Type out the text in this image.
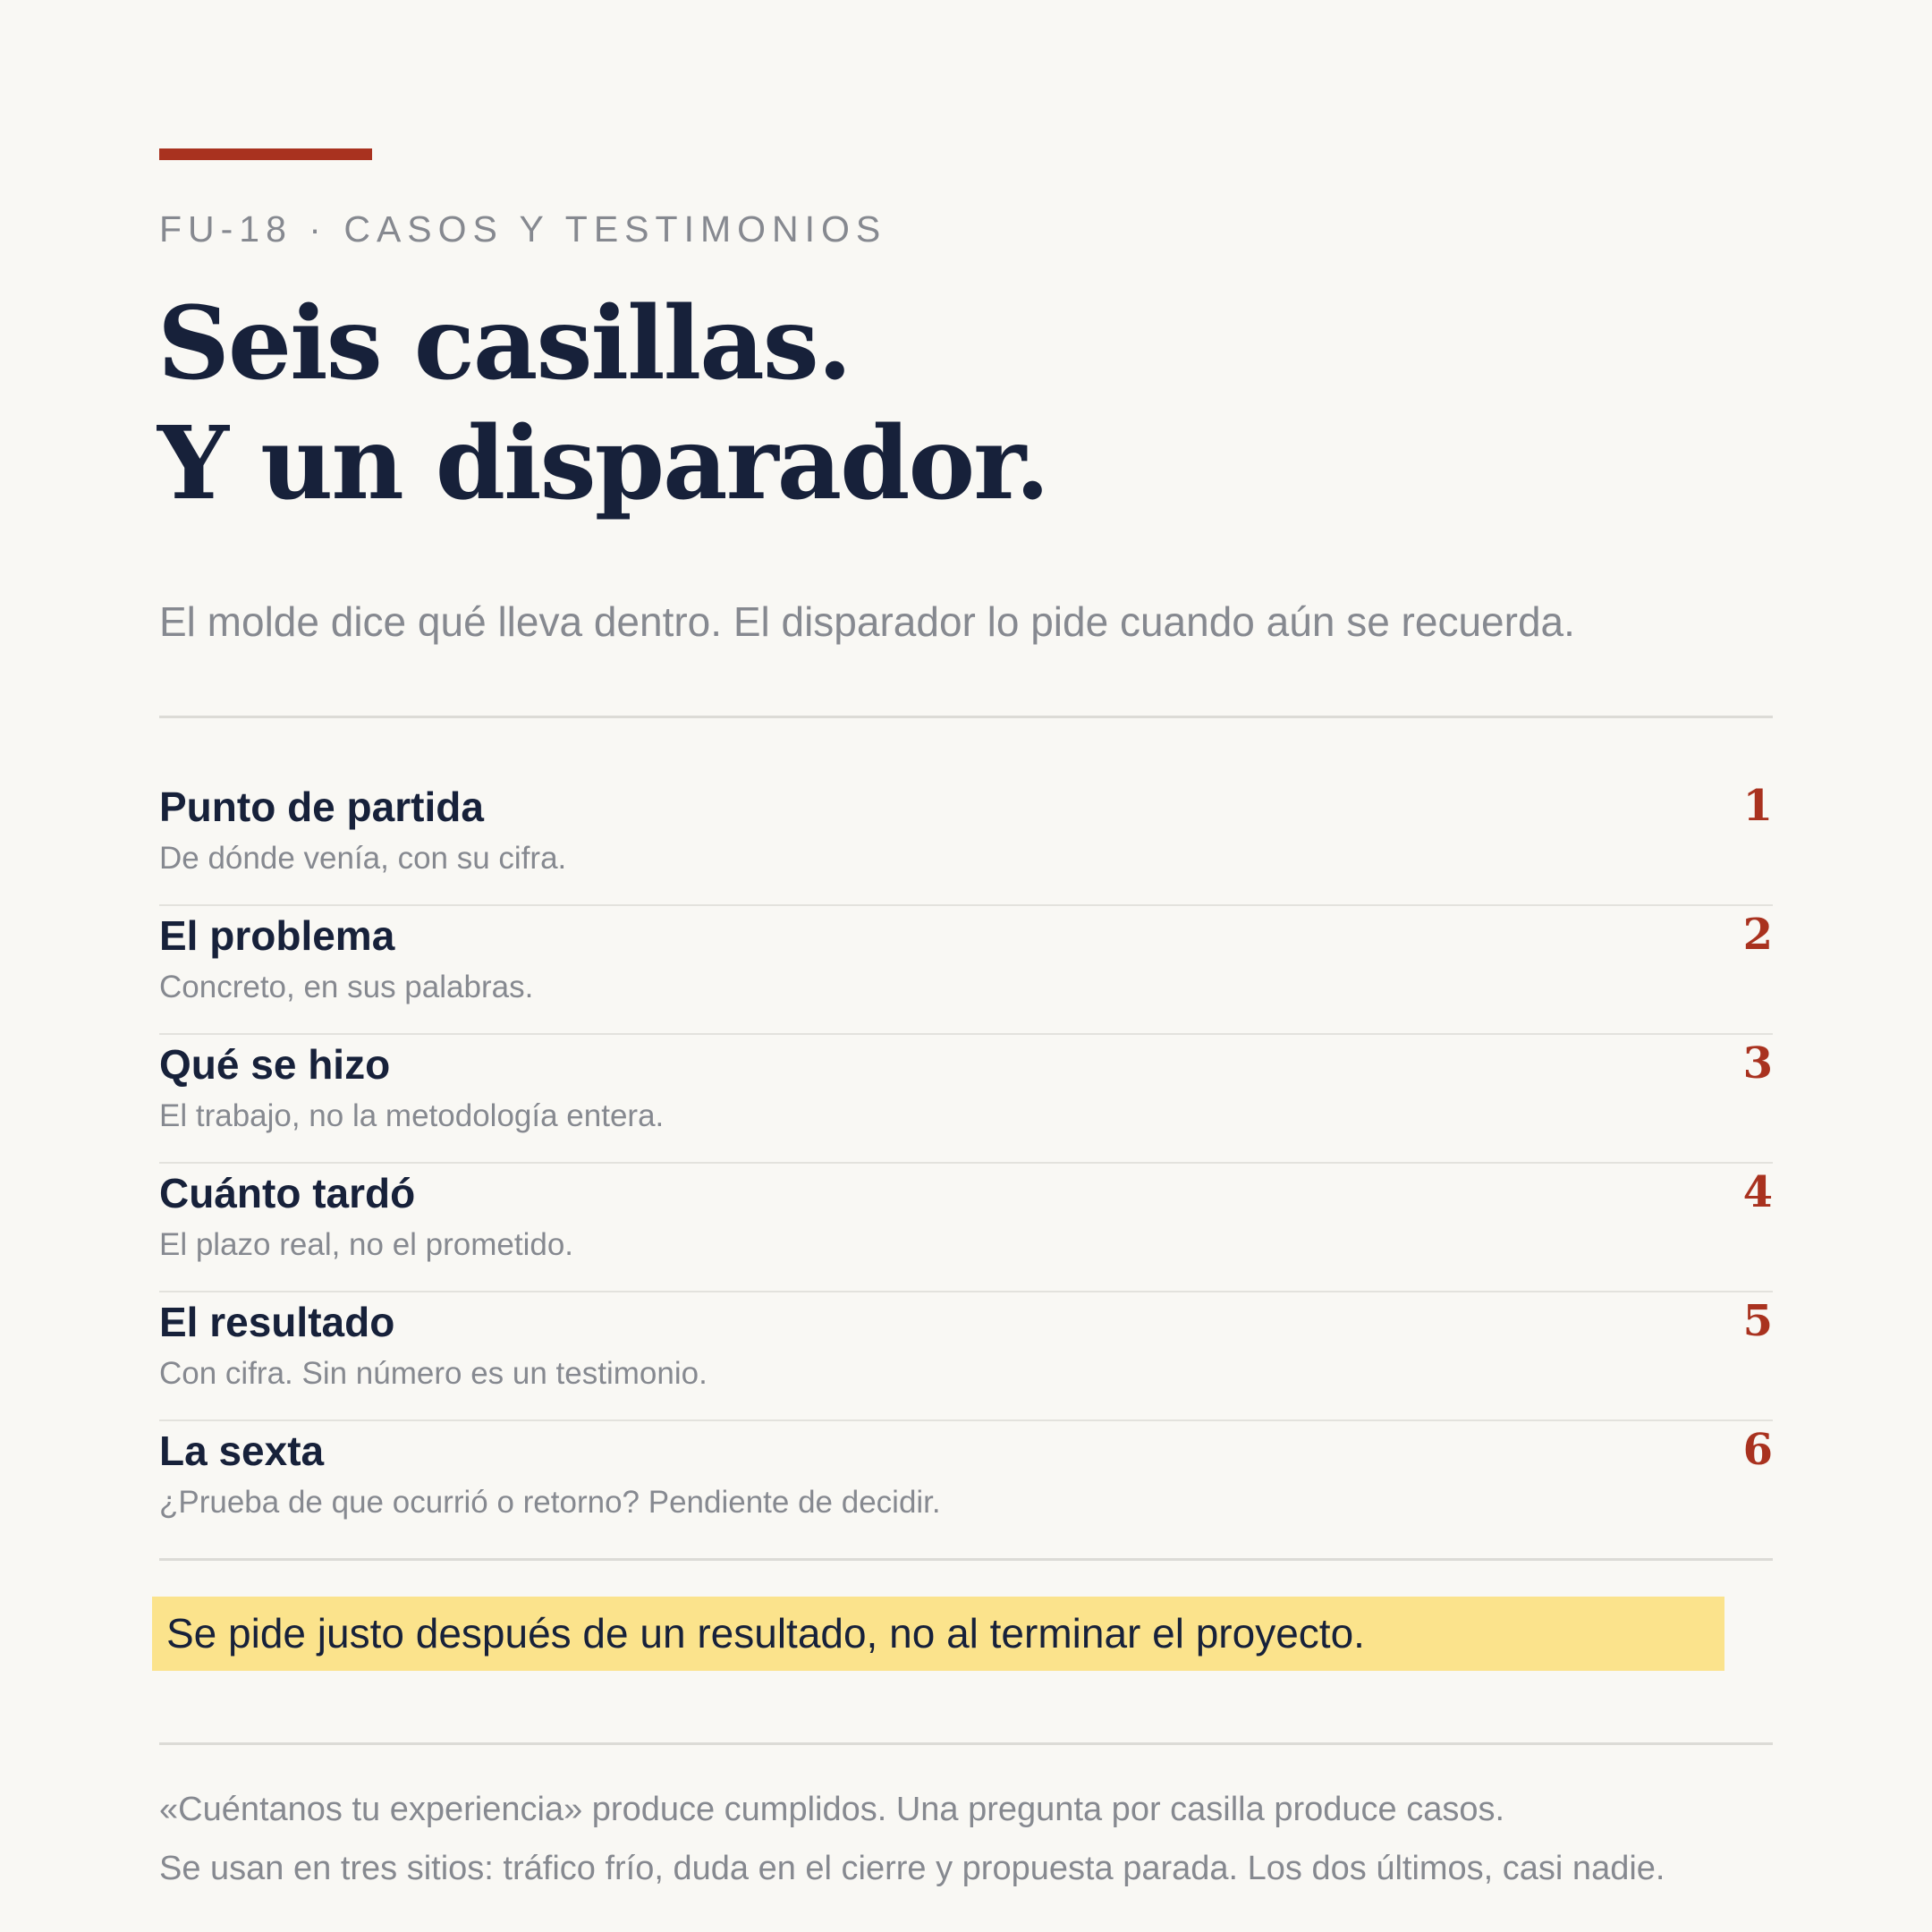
FU-18 · CASOS Y TESTIMONIOS
Seis casillas.
Y un disparador.
El molde dice qué lleva dentro. El disparador lo pide cuando aún se recuerda.
Punto de partida
De dónde venía, con su cifra.
1
El problema
Concreto, en sus palabras.
2
Qué se hizo
El trabajo, no la metodología entera.
3
Cuánto tardó
El plazo real, no el prometido.
4
El resultado
Con cifra. Sin número es un testimonio.
5
La sexta
¿Prueba de que ocurrió o retorno? Pendiente de decidir.
6
Se pide justo después de un resultado, no al terminar el proyecto.
«Cuéntanos tu experiencia» produce cumplidos. Una pregunta por casilla produce casos.
Se usan en tres sitios: tráfico frío, duda en el cierre y propuesta parada. Los dos últimos, casi nadie.
